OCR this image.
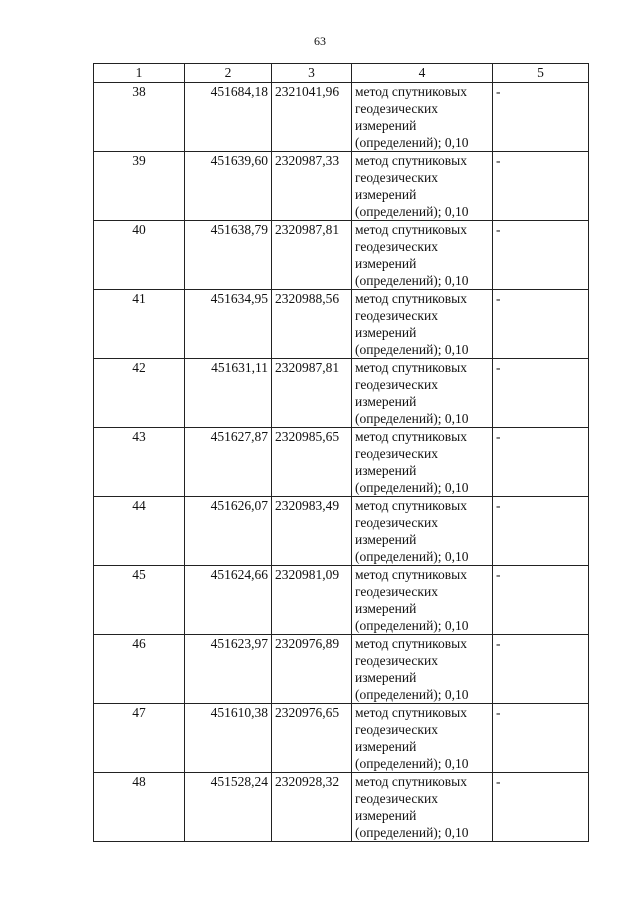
63
1	2	3	4	5
38	451684,18	2321041,96	метод спутниковых геодезических измерений (определений); 0,10	-
39	451639,60	2320987,33	метод спутниковых геодезических измерений (определений); 0,10	-
40	451638,79	2320987,81	метод спутниковых геодезических измерений (определений); 0,10	-
41	451634,95	2320988,56	метод спутниковых геодезических измерений (определений); 0,10	-
42	451631,11	2320987,81	метод спутниковых геодезических измерений (определений); 0,10	-
43	451627,87	2320985,65	метод спутниковых геодезических измерений (определений); 0,10	-
44	451626,07	2320983,49	метод спутниковых геодезических измерений (определений); 0,10	-
45	451624,66	2320981,09	метод спутниковых геодезических измерений (определений); 0,10	-
46	451623,97	2320976,89	метод спутниковых геодезических измерений (определений); 0,10	-
47	451610,38	2320976,65	метод спутниковых геодезических измерений (определений); 0,10	-
48	451528,24	2320928,32	метод спутниковых геодезических измерений (определений); 0,10	-
